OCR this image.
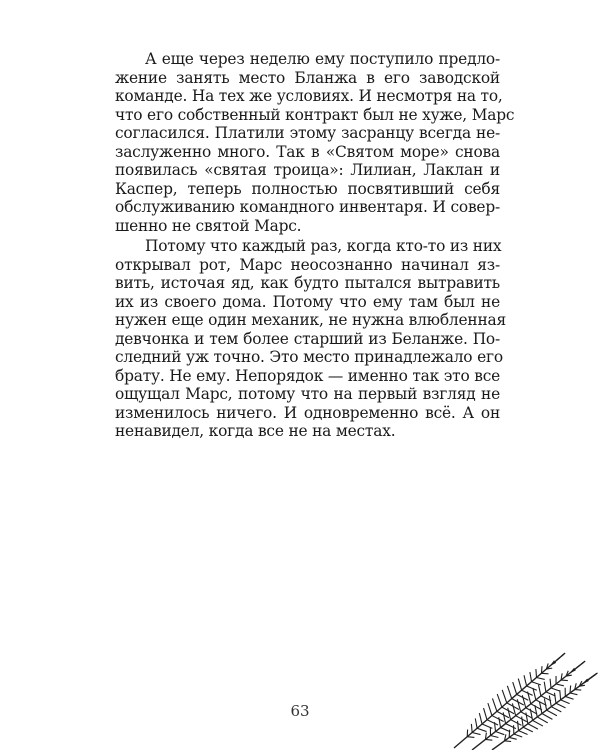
А еще через неделю ему поступило предло-
жение занять место Бланжа в его заводской
команде. На тех же условиях. И несмотря на то,
что его собственный контракт был не хуже, Марс
согласился. Платили этому засранцу всегда не-
заслуженно много. Так в «Святом море» снова
появилась «святая троица»: Лилиан, Лаклан и
Каспер, теперь полностью посвятивший себя
обслуживанию командного инвентаря. И совер-
шенно не святой Марс.
Потому что каждый раз, когда кто-то из них
открывал рот, Марс неосознанно начинал яз-
вить, источая яд, как будто пытался вытравить
их из своего дома. Потому что ему там был не
нужен еще один механик, не нужна влюбленная
девчонка и тем более старший из Беланже. По-
следний уж точно. Это место принадлежало его
брату. Не ему. Непорядок — именно так это все
ощущал Марс, потому что на первый взгляд не
изменилось ничего. И одновременно всё. А он
ненавидел, когда все не на местах.
63
